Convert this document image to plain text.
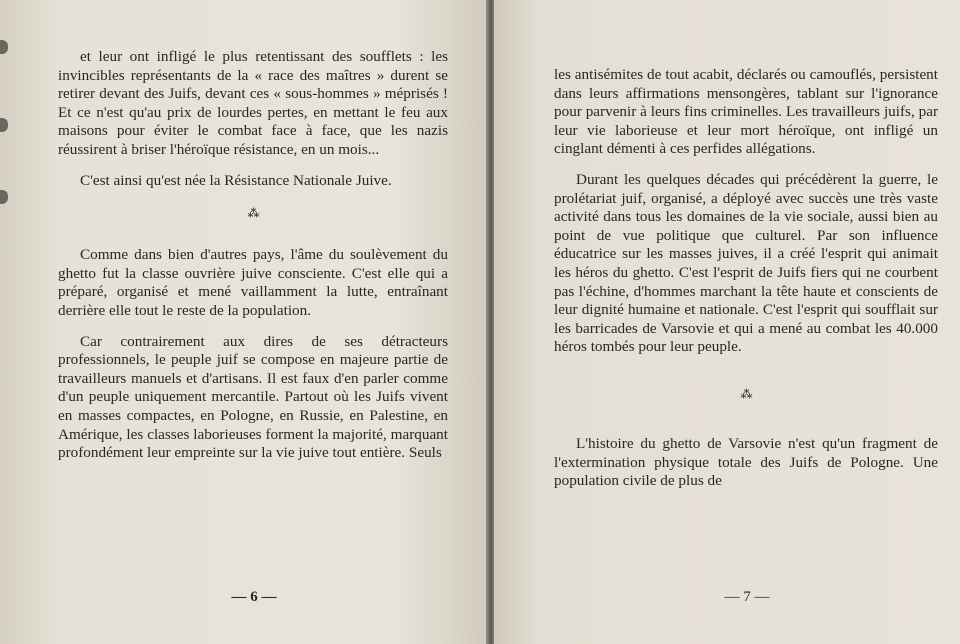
et leur ont infligé le plus retentissant des soufflets : les invincibles représentants de la « race des maîtres » durent se retirer devant des Juifs, devant ces « sous-hommes » méprisés ! Et ce n'est qu'au prix de lourdes pertes, en mettant le feu aux maisons pour éviter le combat face à face, que les nazis réussirent à briser l'héroïque résistance, en un mois...

C'est ainsi qu'est née la Résistance Nationale Juive.

⁂

Comme dans bien d'autres pays, l'âme du soulèvement du ghetto fut la classe ouvrière juive consciente. C'est elle qui a préparé, organisé et mené vaillamment la lutte, entraînant derrière elle tout le reste de la population.

Car contrairement aux dires de ses détracteurs professionnels, le peuple juif se compose en majeure partie de travailleurs manuels et d'artisans. Il est faux d'en parler comme d'un peuple uniquement mercantile. Partout où les Juifs vivent en masses compactes, en Pologne, en Russie, en Palestine, en Amérique, les classes laborieuses forment la majorité, marquant profondément leur empreinte sur la vie juive tout entière. Seuls

— 6 —

les antisémites de tout acabit, déclarés ou camouflés, persistent dans leurs affirmations mensongères, tablant sur l'ignorance pour parvenir à leurs fins criminelles. Les travailleurs juifs, par leur vie laborieuse et leur mort héroïque, ont infligé un cinglant démenti à ces perfides allégations.

Durant les quelques décades qui précédèrent la guerre, le prolétariat juif, organisé, a déployé avec succès une très vaste activité dans tous les domaines de la vie sociale, aussi bien au point de vue politique que culturel. Par son influence éducatrice sur les masses juives, il a créé l'esprit qui animait les héros du ghetto. C'est l'esprit de Juifs fiers qui ne courbent pas l'échine, d'hommes marchant la tête haute et conscients de leur dignité humaine et nationale. C'est l'esprit qui soufflait sur les barricades de Varsovie et qui a mené au combat les 40.000 héros tombés pour leur peuple.

⁂

L'histoire du ghetto de Varsovie n'est qu'un fragment de l'extermination physique totale des Juifs de Pologne. Une population civile de plus de

— 7 —
